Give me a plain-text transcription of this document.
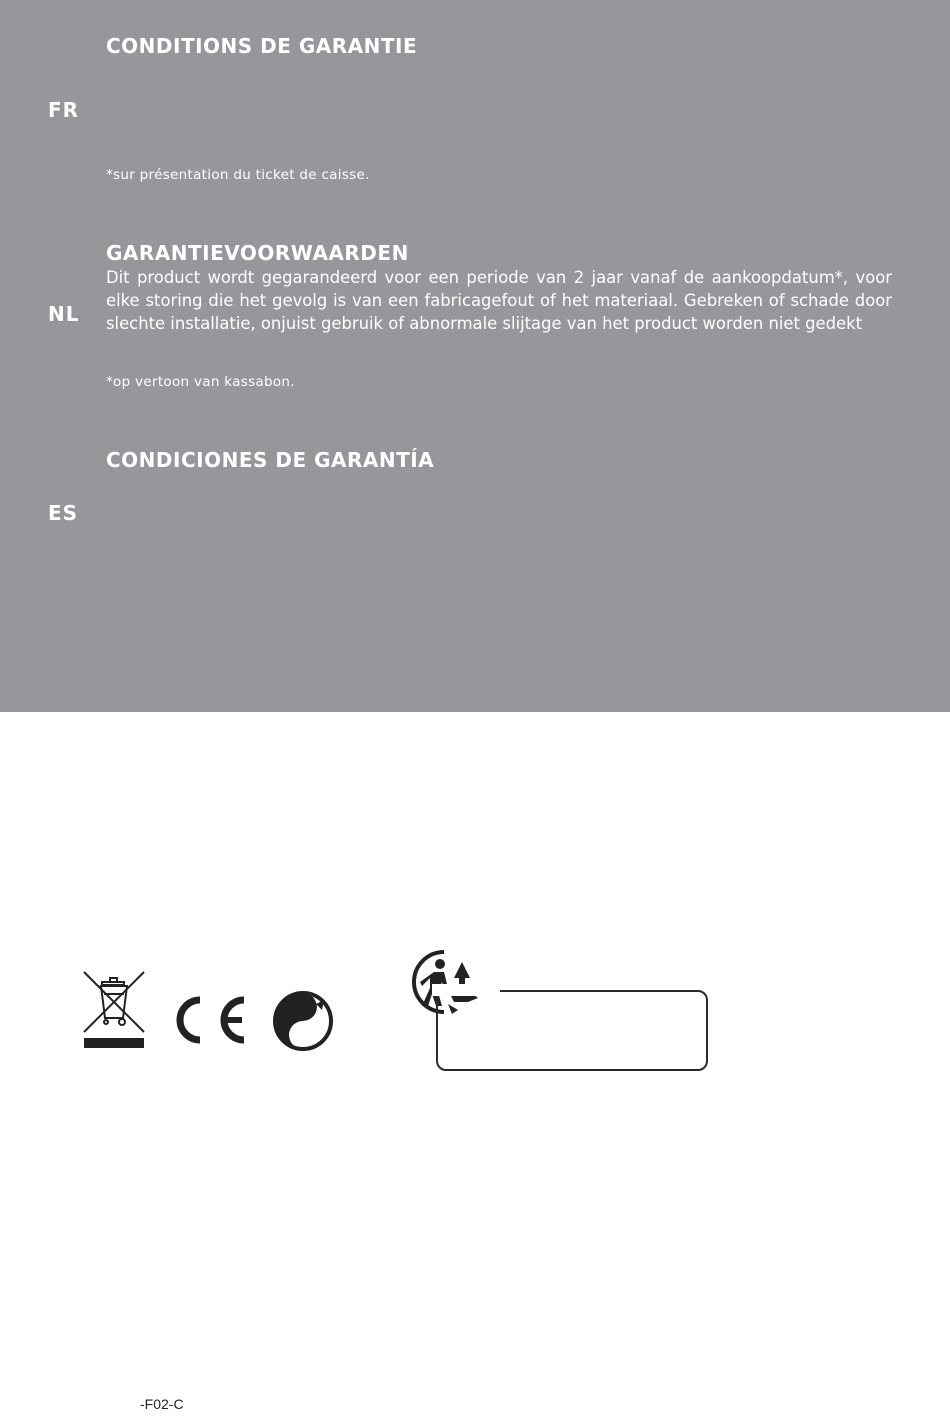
CONDITIONS DE GARANTIE
FR
*sur présentation du ticket de caisse.
GARANTIEVOORWAARDEN
Dit product wordt gegarandeerd voor een periode van 2 jaar vanaf de aankoopdatum*, voor elke storing die het gevolg is van een fabricagefout of het materiaal. Gebreken of schade door slechte installatie, onjuist gebruik of abnormale slijtage van het product worden niet gedekt
NL
*op vertoon van kassabon.
CONDICIONES DE GARANTÍA
ES
-F02-C
